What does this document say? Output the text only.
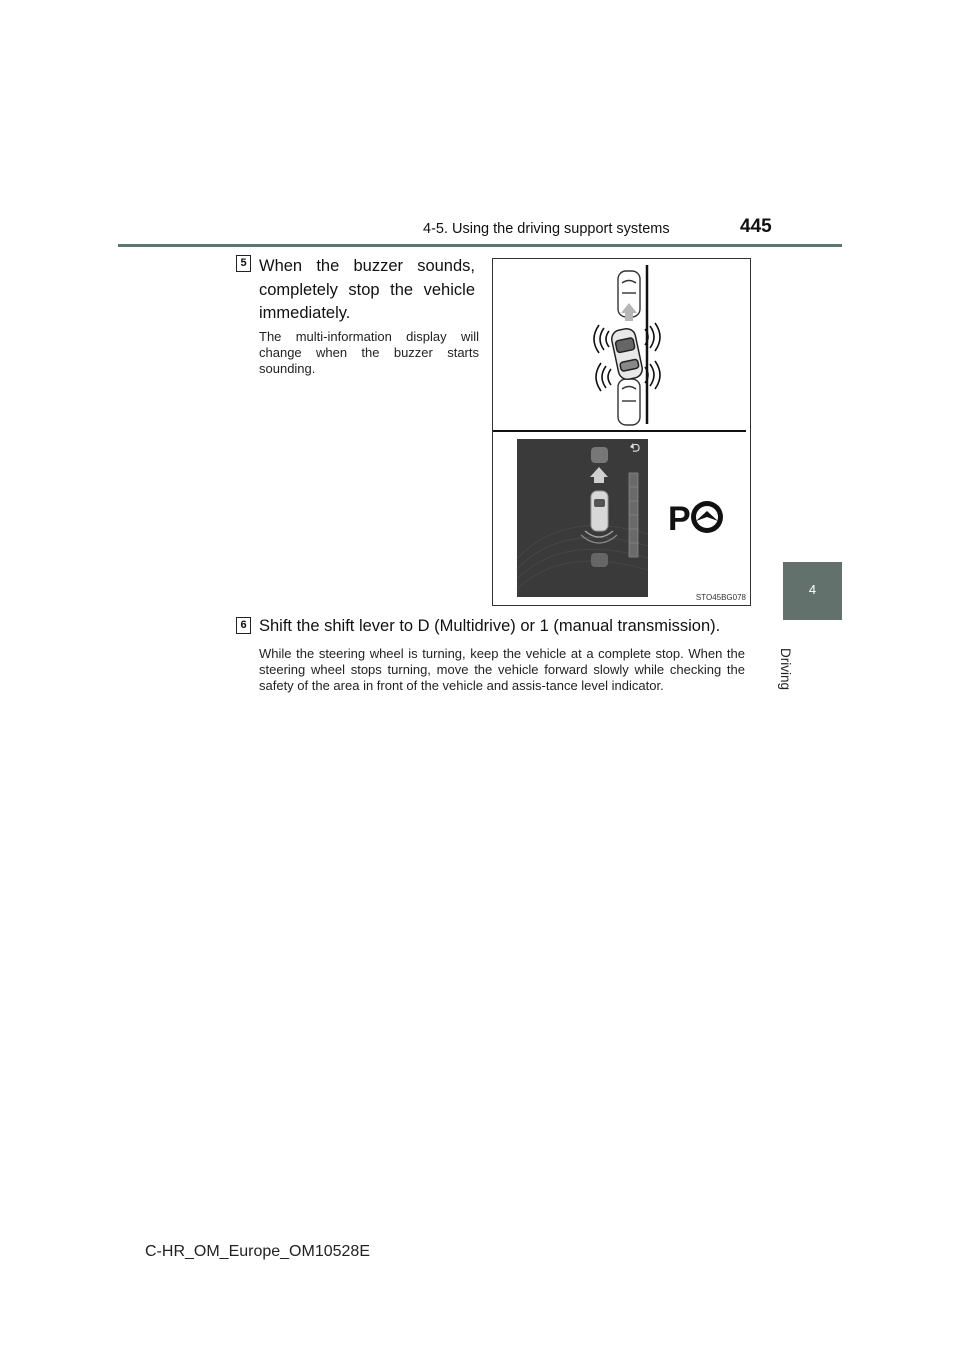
4-5. Using the driving support systems	445
4
Driving
5 When the buzzer sounds, completely stop the vehicle immediately.
The multi-information display will change when the buzzer starts sounding.
P
STO45BG078
6 Shift the shift lever to D (Multidrive) or 1 (manual transmission).
While the steering wheel is turning, keep the vehicle at a complete stop. When the steering wheel stops turning, move the vehicle forward slowly while checking the safety of the area in front of the vehicle and assis-tance level indicator.
C-HR_OM_Europe_OM10528E
